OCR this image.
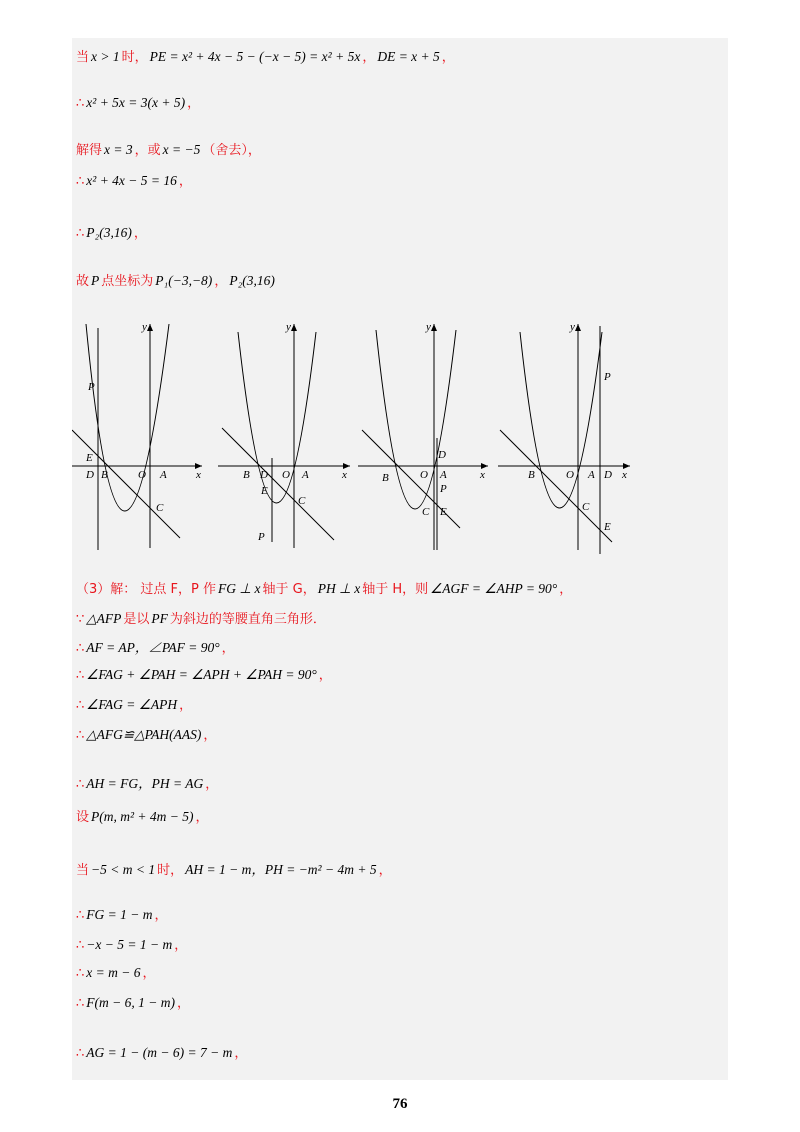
当 x > 1 时， PE = x² + 4x − 5 − (−x − 5) = x² + 5x ， DE = x + 5 ，
∴ x² + 5x = 3(x + 5) ，
解得 x = 3 ，或 x = −5 （舍去），
∴ x² + 4x − 5 = 16 ，
∴ P₂(3,16) ，
故 P 点坐标为 P₁(−3,−8) ， P₂(3,16)
（3）解： 过点 F，P 作 FG ⊥ x 轴于 G， PH ⊥ x 轴于 H，则 ∠AGF = ∠AHP = 90° ，
∵ △AFP 是以 PF 为斜边的等腰直角三角形．
∴ AF = AP，∠PAF = 90° ，
∴ ∠FAG + ∠PAH = ∠APH + ∠PAH = 90° ，
∴ ∠FAG = ∠APH ，
∴ △AFG≌△PAH(AAS) ，
∴ AH = FG，PH = AG ，
设 P(m, m² + 4m − 5) ，
当 −5 < m < 1 时， AH = 1 − m，PH = −m² − 4m + 5 ，
∴ FG = 1 − m ，
∴ −x − 5 = 1 − m ，
∴ x = m − 6 ，
∴ F(m − 6, 1 − m) ，
∴ AG = 1 − (m − 6) = 7 − m ，
y
x
P
E
D B	O A
C
y
x
B D O A
E
C
P
y
x
D
O A
B
P
C E
y
x
P
B	O A D
C
E
76
